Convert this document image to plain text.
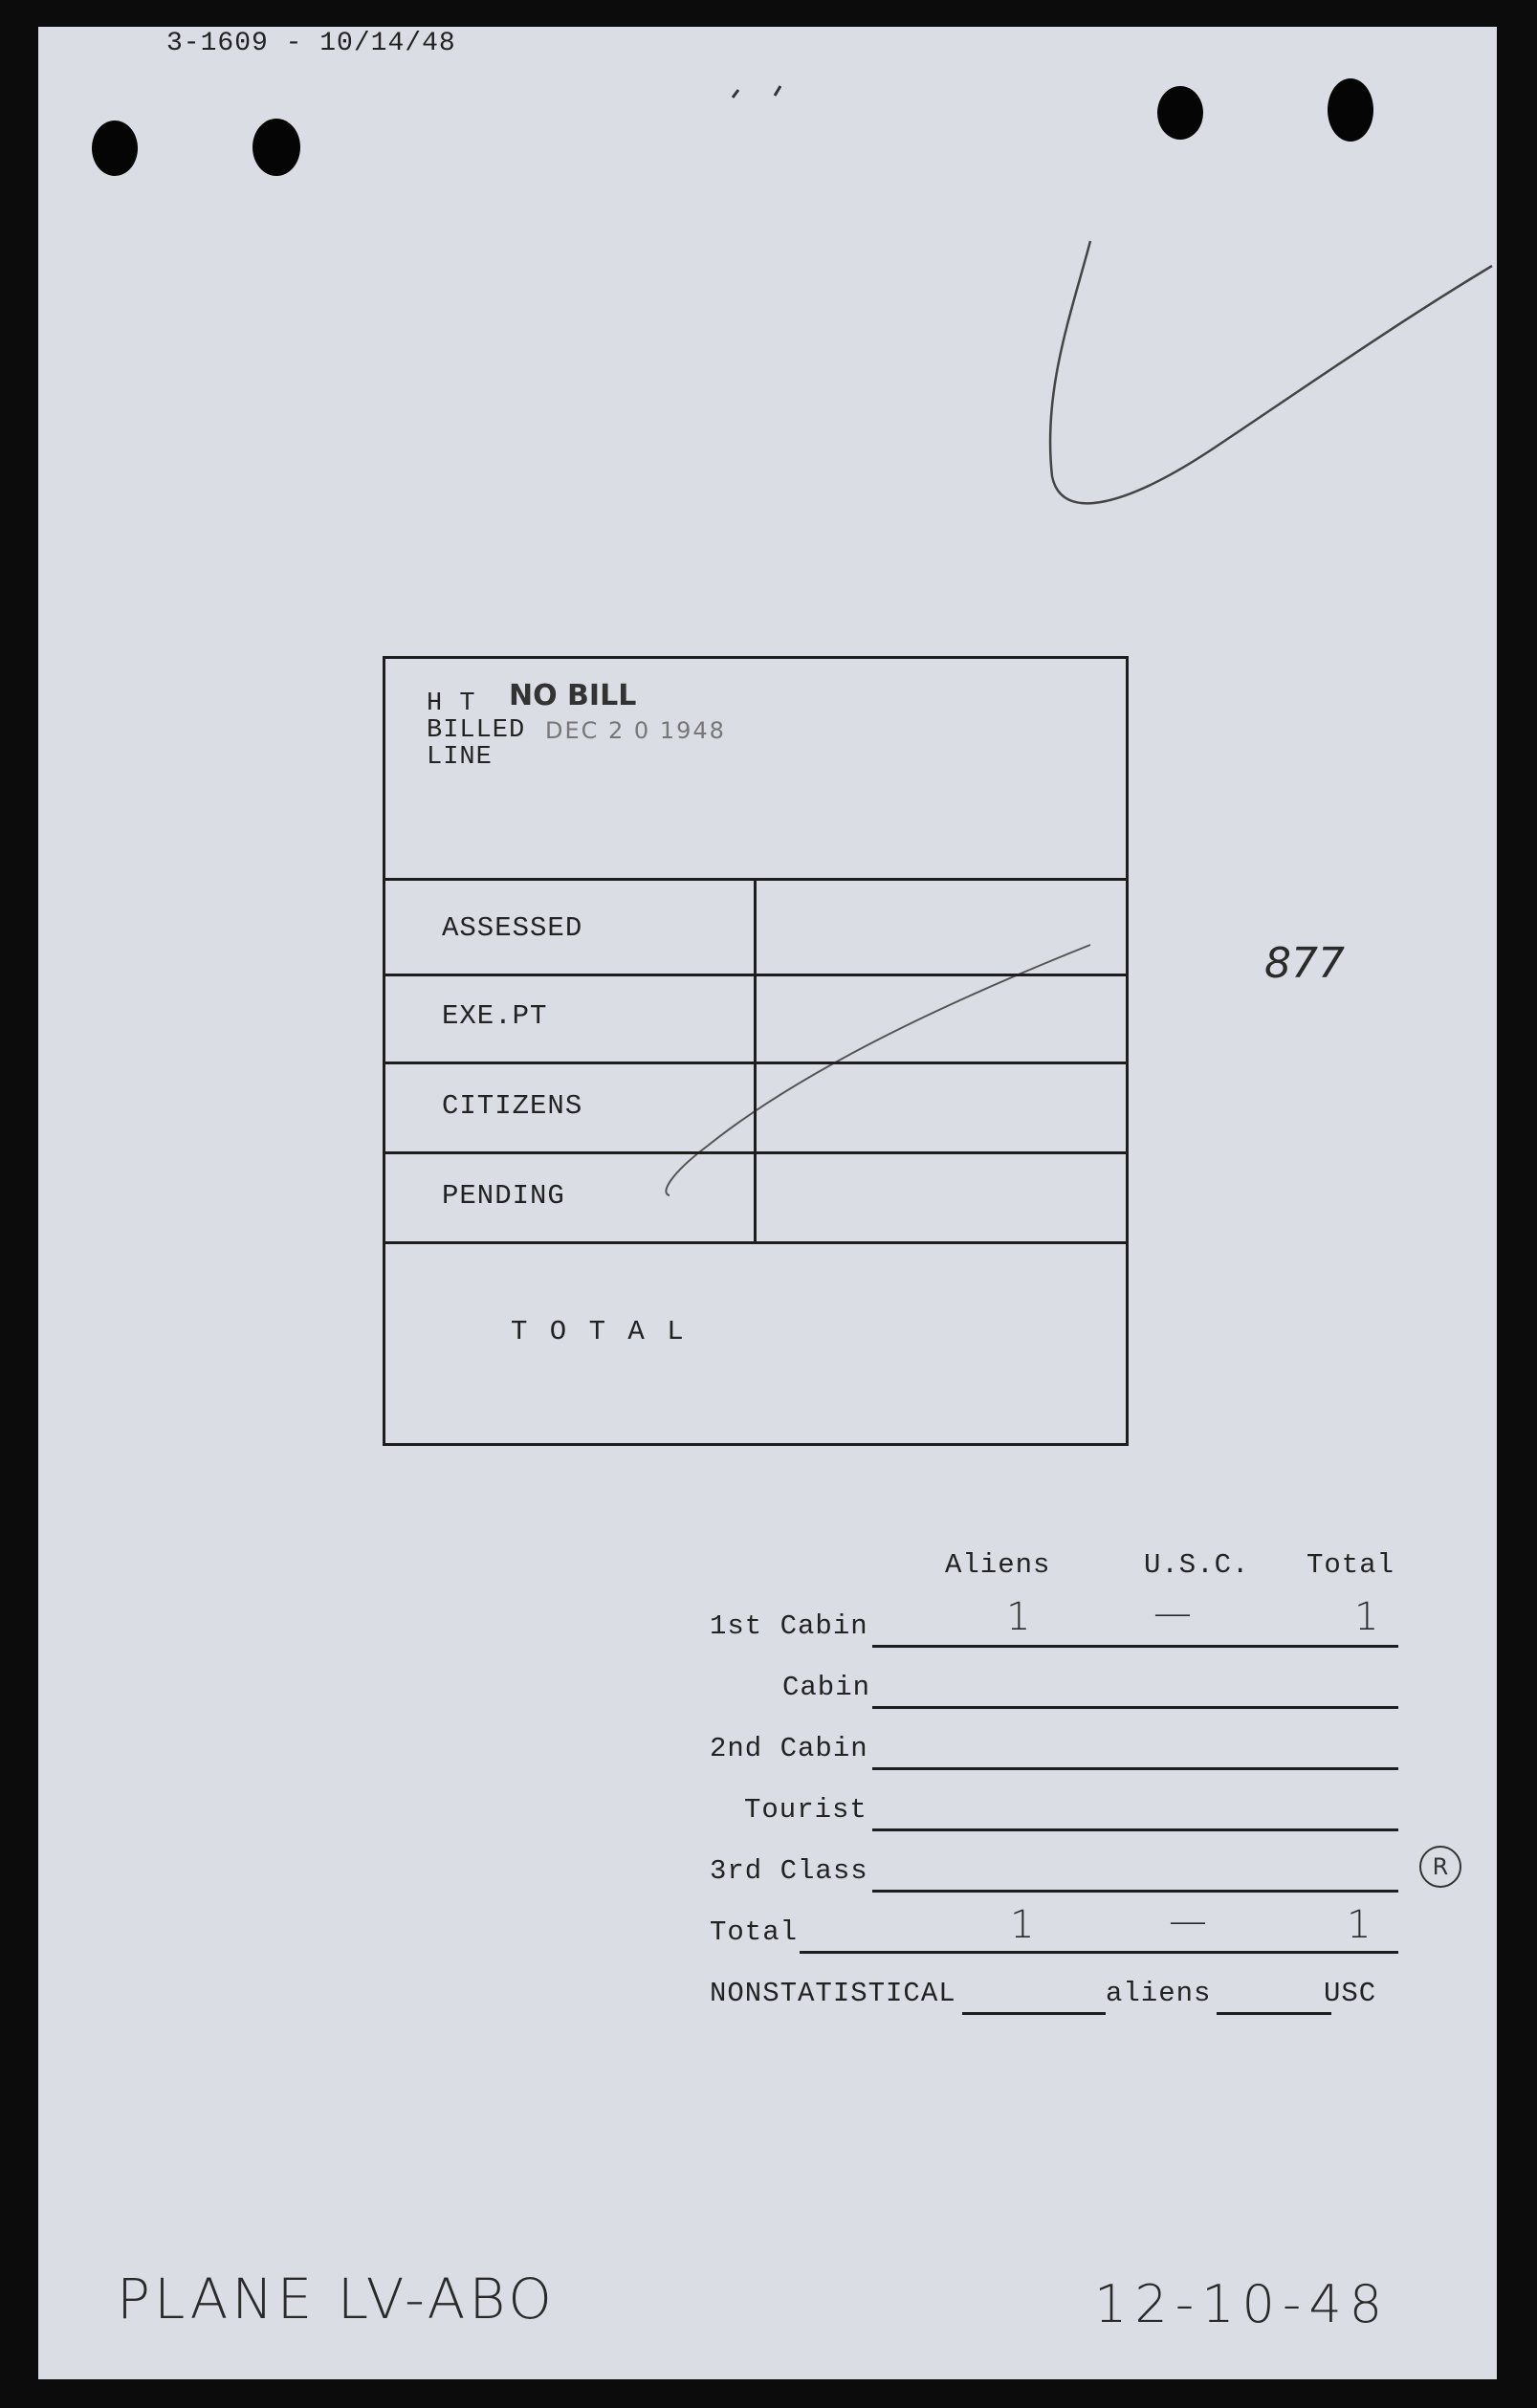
3-1609 - 10/14/48
H T
BILLED
LINE
NO BILL
DEC 2 0 1948
ASSESSED
EXE.PT
CITIZENS
PENDING
T O T A L
877
Aliens	U.S.C. Total
1st Cabin	1	—	1
Cabin
2nd Cabin
Tourist
3rd Class	R
Total	1	—	1
NONSTATISTICAL	aliens	USC
PLANE LV-ABO	12-10-48
